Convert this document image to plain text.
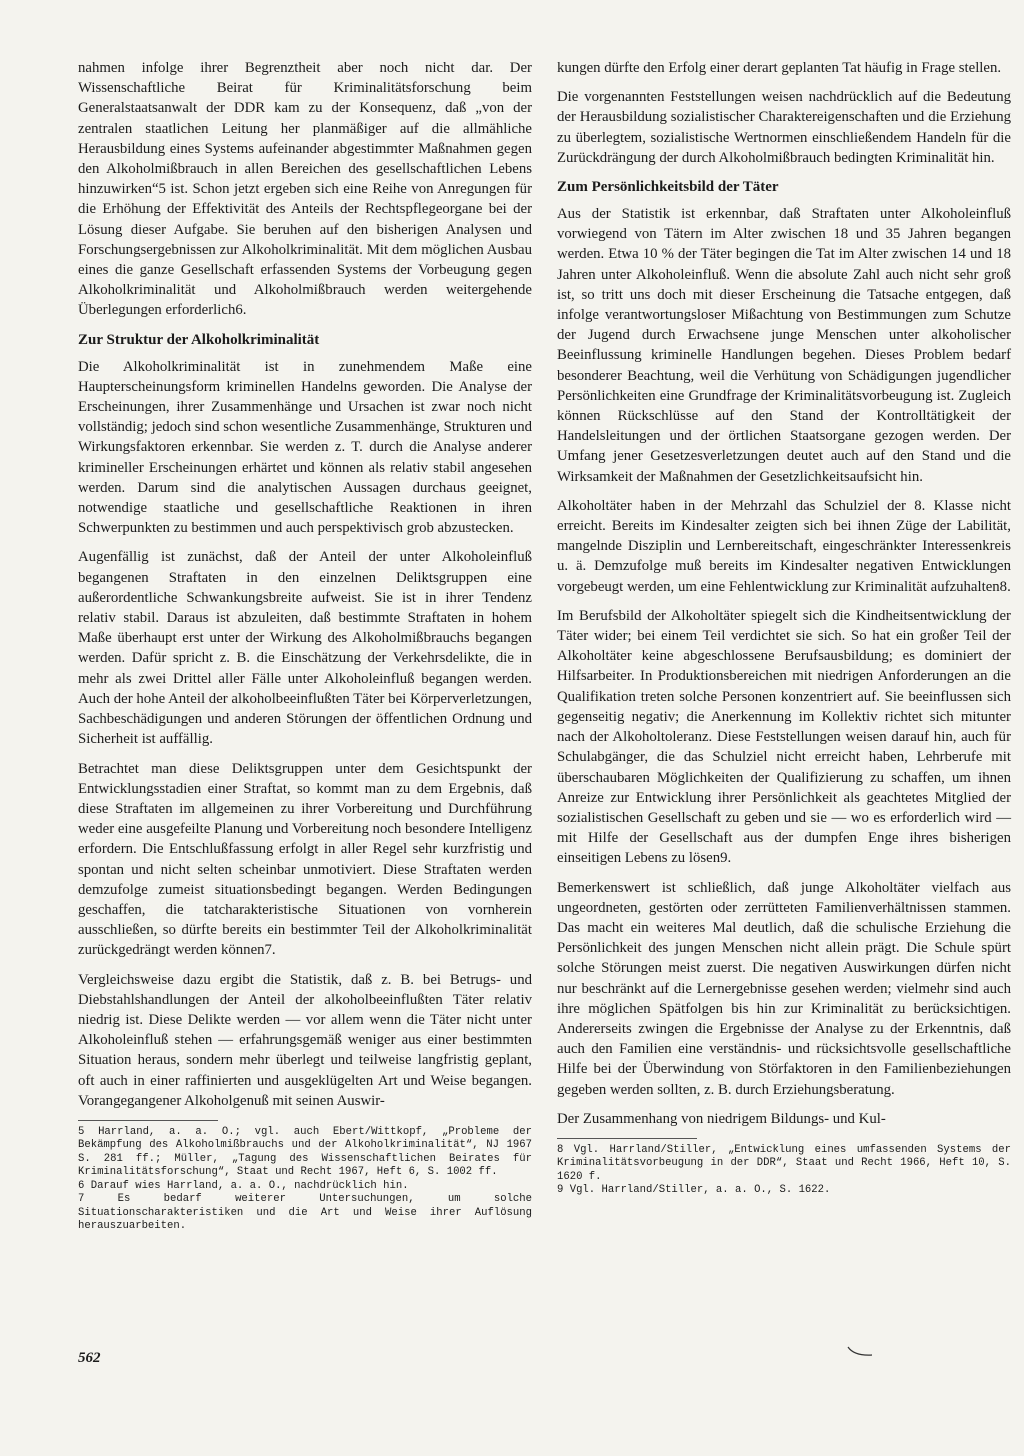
nahmen infolge ihrer Begrenztheit aber noch nicht dar. Der Wissenschaftliche Beirat für Kriminalitätsforschung beim Generalstaatsanwalt der DDR kam zu der Konsequenz, daß „von der zentralen staatlichen Leitung her planmäßiger auf die allmähliche Herausbildung eines Systems aufeinander abgestimmter Maßnahmen gegen den Alkoholmißbrauch in allen Bereichen des gesellschaftlichen Lebens hinzuwirken“5 ist. Schon jetzt ergeben sich eine Reihe von Anregungen für die Erhöhung der Effektivität des Anteils der Rechtspflegeorgane bei der Lösung dieser Aufgabe. Sie beruhen auf den bisherigen Analysen und Forschungsergebnissen zur Alkoholkriminalität. Mit dem möglichen Ausbau eines die ganze Gesellschaft erfassenden Systems der Vorbeugung gegen Alkoholkriminalität und Alkoholmißbrauch werden weitergehende Überlegungen erforderlich6.

Zur Struktur der Alkoholkriminalität

Die Alkoholkriminalität ist in zunehmendem Maße eine Haupterscheinungsform kriminellen Handelns geworden. Die Analyse der Erscheinungen, ihrer Zusammenhänge und Ursachen ist zwar noch nicht vollständig; jedoch sind schon wesentliche Zusammenhänge, Strukturen und Wirkungsfaktoren erkennbar. Sie werden z. T. durch die Analyse anderer krimineller Erscheinungen erhärtet und können als relativ stabil angesehen werden. Darum sind die analytischen Aussagen durchaus geeignet, notwendige staatliche und gesellschaftliche Reaktionen in ihren Schwerpunkten zu bestimmen und auch perspektivisch grob abzustecken.

Augenfällig ist zunächst, daß der Anteil der unter Alkoholeinfluß begangenen Straftaten in den einzelnen Deliktsgruppen eine außerordentliche Schwankungsbreite aufweist. Sie ist in ihrer Tendenz relativ stabil. Daraus ist abzuleiten, daß bestimmte Straftaten in hohem Maße überhaupt erst unter der Wirkung des Alkoholmißbrauchs begangen werden. Dafür spricht z. B. die Einschätzung der Verkehrsdelikte, die in mehr als zwei Drittel aller Fälle unter Alkoholeinfluß begangen werden. Auch der hohe Anteil der alkoholbeeinflußten Täter bei Körperverletzungen, Sachbeschädigungen und anderen Störungen der öffentlichen Ordnung und Sicherheit ist auffällig.

Betrachtet man diese Deliktsgruppen unter dem Gesichtspunkt der Entwicklungsstadien einer Straftat, so kommt man zu dem Ergebnis, daß diese Straftaten im allgemeinen zu ihrer Vorbereitung und Durchführung weder eine ausgefeilte Planung und Vorbereitung noch besondere Intelligenz erfordern. Die Entschlußfassung erfolgt in aller Regel sehr kurzfristig und spontan und nicht selten scheinbar unmotiviert. Diese Straftaten werden demzufolge zumeist situationsbedingt begangen. Werden Bedingungen geschaffen, die tatcharakteristische Situationen von vornherein ausschließen, so dürfte bereits ein bestimmter Teil der Alkoholkriminalität zurückgedrängt werden können7.

Vergleichsweise dazu ergibt die Statistik, daß z. B. bei Betrugs- und Diebstahlshandlungen der Anteil der alkoholbeeinflußten Täter relativ niedrig ist. Diese Delikte werden — vor allem wenn die Täter nicht unter Alkoholeinfluß stehen — erfahrungsgemäß weniger aus einer bestimmten Situation heraus, sondern mehr überlegt und teilweise langfristig geplant, oft auch in einer raffinierten und ausgeklügelten Art und Weise begangen. Vorangegangener Alkoholgenuß mit seinen Auswir-

5 Harrland, a. a. O.; vgl. auch Ebert/Wittkopf, „Probleme der Bekämpfung des Alkoholmißbrauchs und der Alkoholkriminalität“, NJ 1967 S. 281 ff.; Müller, „Tagung des Wissenschaftlichen Beirates für Kriminalitätsforschung“, Staat und Recht 1967, Heft 6, S. 1002 ff.

6 Darauf wies Harrland, a. a. O., nachdrücklich hin.

7 Es bedarf weiterer Untersuchungen, um solche Situationscharakteristiken und die Art und Weise ihrer Auflösung herauszuarbeiten.

kungen dürfte den Erfolg einer derart geplanten Tat häufig in Frage stellen.

Die vorgenannten Feststellungen weisen nachdrücklich auf die Bedeutung der Herausbildung sozialistischer Charaktereigenschaften und die Erziehung zu überlegtem, sozialistische Wertnormen einschließendem Handeln für die Zurückdrängung der durch Alkoholmißbrauch bedingten Kriminalität hin.

Zum Persönlichkeitsbild der Täter

Aus der Statistik ist erkennbar, daß Straftaten unter Alkoholeinfluß vorwiegend von Tätern im Alter zwischen 18 und 35 Jahren begangen werden. Etwa 10 % der Täter begingen die Tat im Alter zwischen 14 und 18 Jahren unter Alkoholeinfluß. Wenn die absolute Zahl auch nicht sehr groß ist, so tritt uns doch mit dieser Erscheinung die Tatsache entgegen, daß infolge verantwortungsloser Mißachtung von Bestimmungen zum Schutze der Jugend durch Erwachsene junge Menschen unter alkoholischer Beeinflussung kriminelle Handlungen begehen. Dieses Problem bedarf besonderer Beachtung, weil die Verhütung von Schädigungen jugendlicher Persönlichkeiten eine Grundfrage der Kriminalitätsvorbeugung ist. Zugleich können Rückschlüsse auf den Stand der Kontrolltätigkeit der Handelsleitungen und der örtlichen Staatsorgane gezogen werden. Der Umfang jener Gesetzesverletzungen deutet auch auf den Stand und die Wirksamkeit der Maßnahmen der Gesetzlichkeitsaufsicht hin.

Alkoholtäter haben in der Mehrzahl das Schulziel der 8. Klasse nicht erreicht. Bereits im Kindesalter zeigten sich bei ihnen Züge der Labilität, mangelnde Disziplin und Lernbereitschaft, eingeschränkter Interessenkreis u. ä. Demzufolge muß bereits im Kindesalter negativen Entwicklungen vorgebeugt werden, um eine Fehlentwicklung zur Kriminalität aufzuhalten8.

Im Berufsbild der Alkoholtäter spiegelt sich die Kindheitsentwicklung der Täter wider; bei einem Teil verdichtet sie sich. So hat ein großer Teil der Alkoholtäter keine abgeschlossene Berufsausbildung; es dominiert der Hilfsarbeiter. In Produktionsbereichen mit niedrigen Anforderungen an die Qualifikation treten solche Personen konzentriert auf. Sie beeinflussen sich gegenseitig negativ; die Anerkennung im Kollektiv richtet sich mitunter nach der Alkoholtoleranz. Diese Feststellungen weisen darauf hin, auch für Schulabgänger, die das Schulziel nicht erreicht haben, Lehrberufe mit überschaubaren Möglichkeiten der Qualifizierung zu schaffen, um ihnen Anreize zur Entwicklung ihrer Persönlichkeit als geachtetes Mitglied der sozialistischen Gesellschaft zu geben und sie — wo es erforderlich wird — mit Hilfe der Gesellschaft aus der dumpfen Enge ihres bisherigen einseitigen Lebens zu lösen9.

Bemerkenswert ist schließlich, daß junge Alkoholtäter vielfach aus ungeordneten, gestörten oder zerrütteten Familienverhältnissen stammen. Das macht ein weiteres Mal deutlich, daß die schulische Erziehung die Persönlichkeit des jungen Menschen nicht allein prägt. Die Schule spürt solche Störungen meist zuerst. Die negativen Auswirkungen dürfen nicht nur beschränkt auf die Lernergebnisse gesehen werden; vielmehr sind auch ihre möglichen Spätfolgen bis hin zur Kriminalität zu berücksichtigen. Andererseits zwingen die Ergebnisse der Analyse zu der Erkenntnis, daß auch den Familien eine verständnis- und rücksichtsvolle gesellschaftliche Hilfe bei der Überwindung von Störfaktoren in den Familienbeziehungen gegeben werden sollten, z. B. durch Erziehungsberatung.

Der Zusammenhang von niedrigem Bildungs- und Kul-

8 Vgl. Harrland/Stiller, „Entwicklung eines umfassenden Systems der Kriminalitätsvorbeugung in der DDR“, Staat und Recht 1966, Heft 10, S. 1620 f.

9 Vgl. Harrland/Stiller, a. a. O., S. 1622.

562
